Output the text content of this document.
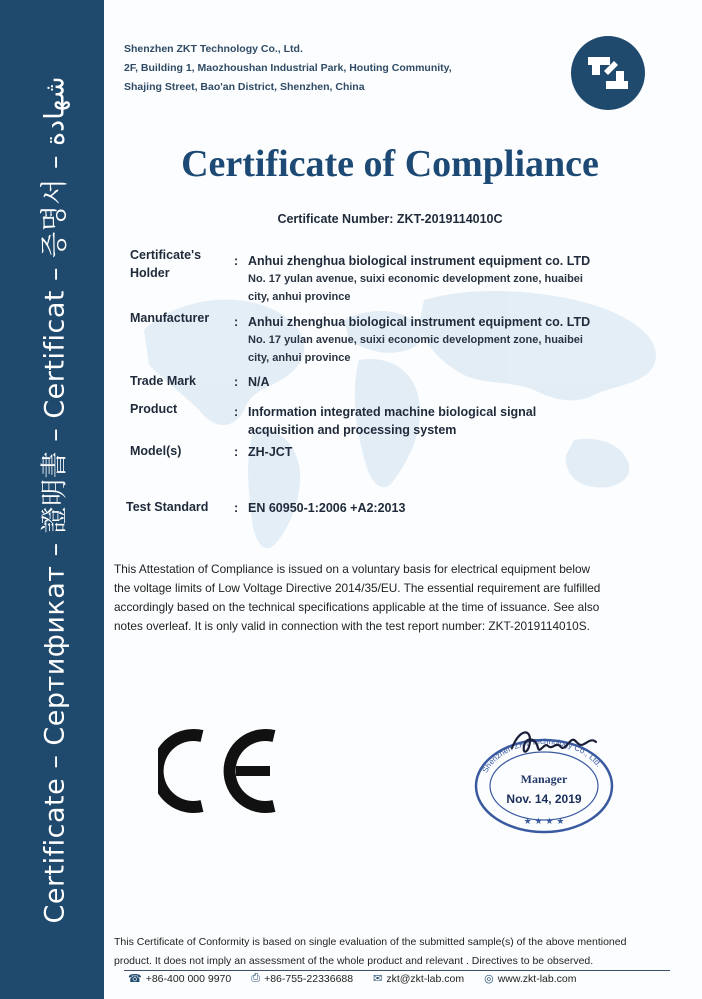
Certificate – Сертификат – 證明書 – Certificat – 증명서 – شهادة
Shenzhen ZKT Technology Co., Ltd.
2F, Building 1, Maozhoushan Industrial Park, Houting Community,
Shajing Street, Bao'an District, Shenzhen, China
Certificate of Compliance
Certificate Number: ZKT-2019114010C
Certificate's
Holder
: Anhui zhenghua biological instrument equipment co. LTD
No. 17 yulan avenue, suixi economic development zone, huaibei
city, anhui province
Manufacturer	: Anhui zhenghua biological instrument equipment co. LTD
No. 17 yulan avenue, suixi economic development zone, huaibei
city, anhui province
Trade Mark	: N/A
Product	: Information integrated machine biological signal
acquisition and processing system
Model(s)	: ZH-JCT
Test Standard	: EN 60950-1:2006 +A2:2013
This Attestation of Compliance is issued on a voluntary basis for electrical equipment below
the voltage limits of Low Voltage Directive 2014/35/EU. The essential requirement are fulfilled
accordingly based on the technical specifications applicable at the time of issuance. See also
notes overleaf. It is only valid in connection with the test report number: ZKT-2019114010S.
Shenzhen ZKT Technology Co., Ltd.
★ ★ ★ ★
Manager
Nov. 14, 2019
This Certificate of Conformity is based on single evaluation of the submitted sample(s) of the above mentioned
product. It does not imply an assessment of the whole product and relevant . Directives to be observed.
☎ +86-400 000 9970 ⎙ +86-755-22336688 ✉ zkt@zkt-lab.com ◎ www.zkt-lab.com
